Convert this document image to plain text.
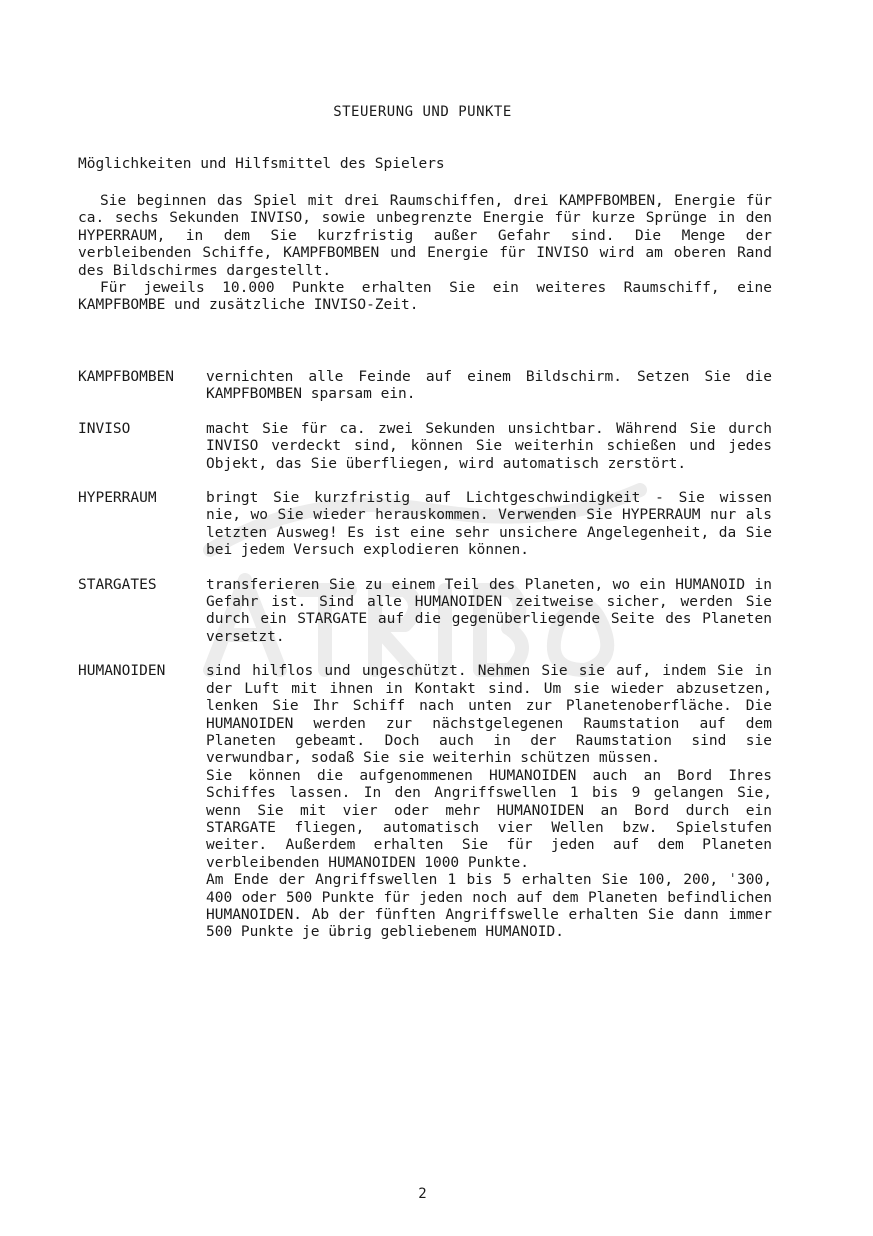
STEUERUNG UND PUNKTE
Möglichkeiten und Hilfsmittel des Spielers

Sie beginnen das Spiel mit drei Raumschiffen, drei KAMPFBOMBEN, Energie für ca. sechs Sekunden INVISO, sowie unbegrenzte Energie für kurze Sprünge in den HYPERRAUM, in dem Sie kurzfristig außer Gefahr sind. Die Menge der verbleibenden Schiffe, KAMPFBOMBEN und Energie für INVISO wird am oberen Rand des Bildschirmes dargestellt.

Für jeweils 10.000 Punkte erhalten Sie ein weiteres Raumschiff, eine KAMPFBOMBE und zusätzliche INVISO-Zeit.

KAMPFBOMBEN	vernichten alle Feinde auf einem Bildschirm. Setzen Sie die KAMPFBOMBEN sparsam ein.

INVISO	macht Sie für ca. zwei Sekunden unsichtbar. Während Sie durch INVISO verdeckt sind, können Sie weiterhin schießen und jedes Objekt, das Sie überfliegen, wird automatisch zerstört.

HYPERRAUM	bringt Sie kurzfristig auf Lichtgeschwindigkeit - Sie wissen nie, wo Sie wieder herauskommen. Verwenden Sie HYPERRAUM nur als letzten Ausweg! Es ist eine sehr unsichere Angelegenheit, da Sie bei jedem Versuch explodieren können.

STARGATES	transferieren Sie zu einem Teil des Planeten, wo ein HUMANOID in Gefahr ist. Sind alle HUMANOIDEN zeitweise sicher, werden Sie durch ein STARGATE auf die gegenüberliegende Seite des Planeten versetzt.

HUMANOIDEN	sind hilflos und ungeschützt. Nehmen Sie sie auf, indem Sie in der Luft mit ihnen in Kontakt sind. Um sie wieder abzusetzen, lenken Sie Ihr Schiff nach unten zur Planetenoberfläche. Die HUMANOIDEN werden zur nächstgelegenen Raumstation auf dem Planeten gebeamt. Doch auch in der Raumstation sind sie verwundbar, sodaß Sie sie weiterhin schützen müssen.

Sie können die aufgenommenen HUMANOIDEN auch an Bord Ihres Schiffes lassen. In den Angriffswellen 1 bis 9 gelangen Sie, wenn Sie mit vier oder mehr HUMANOIDEN an Bord durch ein STARGATE fliegen, automatisch vier Wellen bzw. Spielstufen weiter. Außerdem erhalten Sie für jeden auf dem Planeten verbleibenden HUMANOIDEN 1000 Punkte.

Am Ende der Angriffswellen 1 bis 5 erhalten Sie 100, 200, ˈ300, 400 oder 500 Punkte für jeden noch auf dem Planeten befindlichen HUMANOIDEN. Ab der fünften Angriffswelle erhalten Sie dann immer 500 Punkte je übrig gebliebenem HUMANOID.

2
